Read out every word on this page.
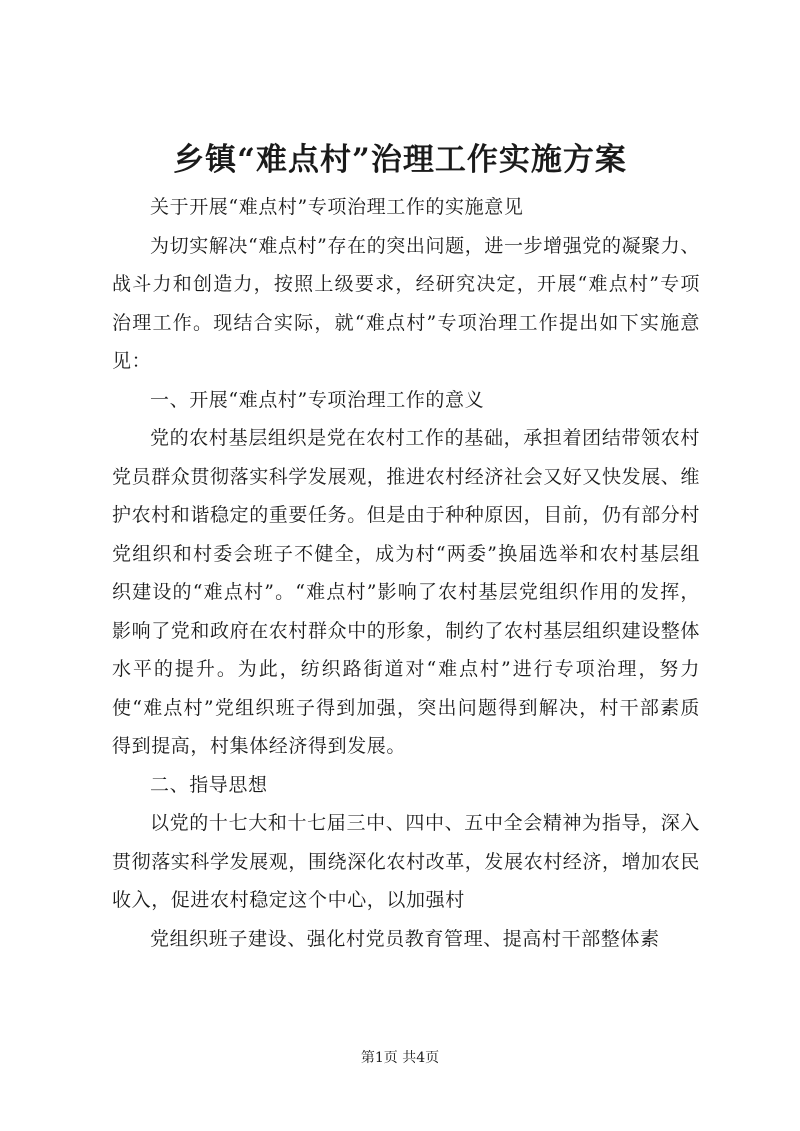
乡镇“难点村”治理工作实施方案

关于开展“难点村”专项治理工作的实施意见

为切实解决“难点村”存在的突出问题，进一步增强党的凝聚力、战斗力和创造力，按照上级要求，经研究决定，开展“难点村”专项治理工作。现结合实际，就“难点村”专项治理工作提出如下实施意见：

一、开展“难点村”专项治理工作的意义

党的农村基层组织是党在农村工作的基础，承担着团结带领农村党员群众贯彻落实科学发展观，推进农村经济社会又好又快发展、维护农村和谐稳定的重要任务。但是由于种种原因，目前，仍有部分村党组织和村委会班子不健全，成为村“两委”换届选举和农村基层组织建设的“难点村”。“难点村”影响了农村基层党组织作用的发挥，影响了党和政府在农村群众中的形象，制约了农村基层组织建设整体水平的提升。为此，纺织路街道对“难点村”进行专项治理，努力使“难点村”党组织班子得到加强，突出问题得到解决，村干部素质得到提高，村集体经济得到发展。

二、指导思想

以党的十七大和十七届三中、四中、五中全会精神为指导，深入贯彻落实科学发展观，围绕深化农村改革，发展农村经济，增加农民收入，促进农村稳定这个中心，以加强村

党组织班子建设、强化村党员教育管理、提高村干部整体素

第1页 共4页
